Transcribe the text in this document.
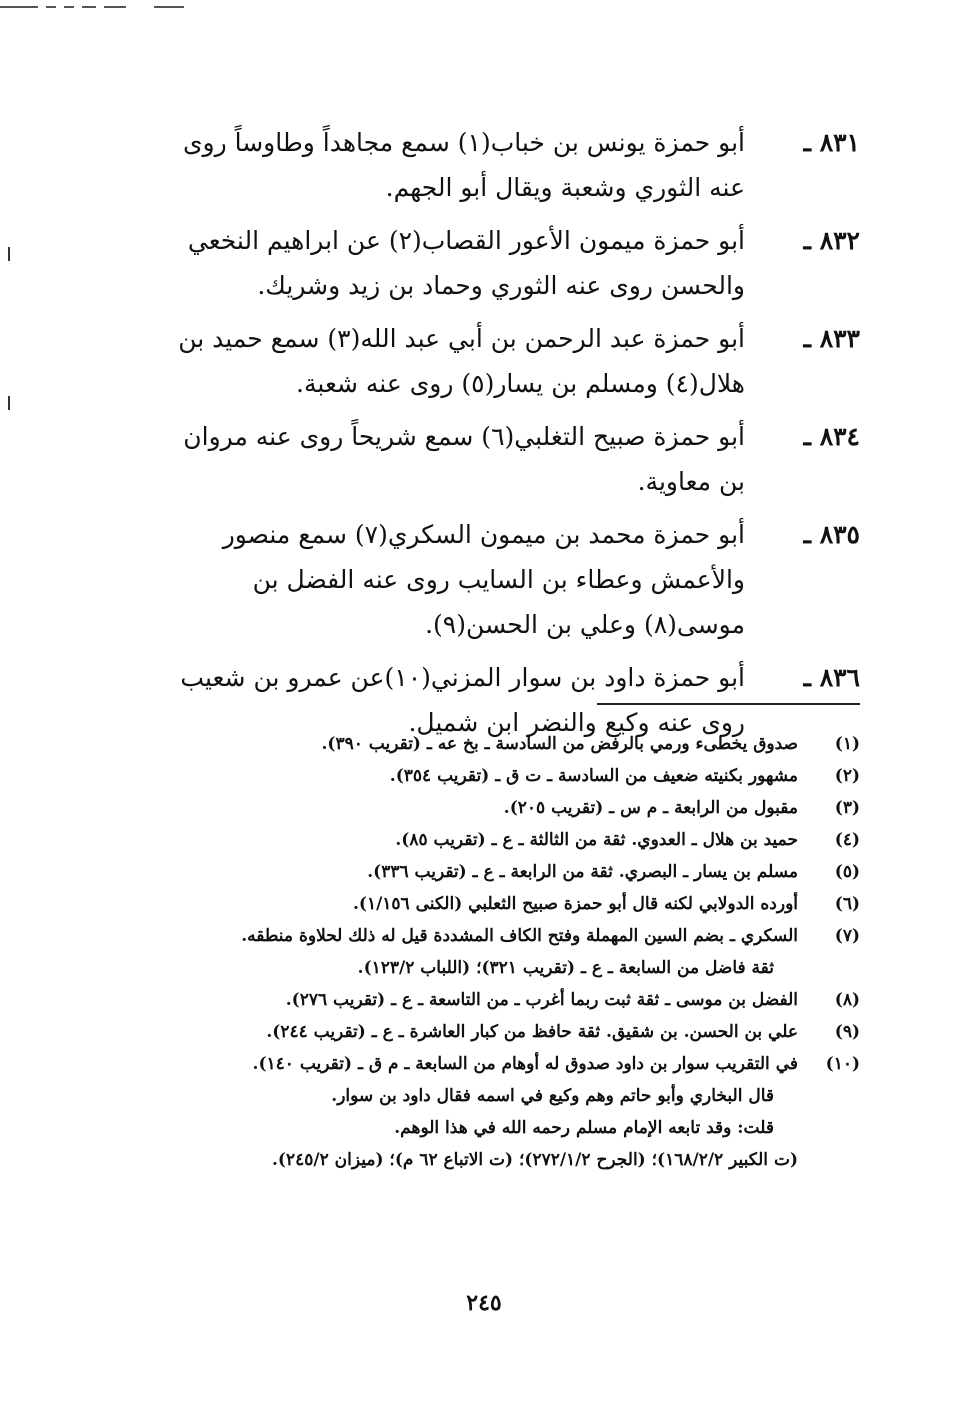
٨٣١ ـ
أبو حمزة يونس بن خباب(١) سمع مجاهداً وطاوساً روى عنه الثوري وشعبة ويقال أبو الجهم.
٨٣٢ ـ
أبو حمزة ميمون الأعور القصاب(٢) عن ابراهيم النخعي والحسن روى عنه الثوري وحماد بن زيد وشريك.
٨٣٣ ـ
أبو حمزة عبد الرحمن بن أبي عبد الله(٣) سمع حميد بن هلال(٤) ومسلم بن يسار(٥) روى عنه شعبة.
٨٣٤ ـ
أبو حمزة صبيح التغلبي(٦) سمع شريحاً روى عنه مروان بن معاوية.
٨٣٥ ـ
أبو حمزة محمد بن ميمون السكري(٧) سمع منصور والأعمش وعطاء بن السايب روى عنه الفضل بن موسى(٨) وعلي بن الحسن(٩).
٨٣٦ ـ
أبو حمزة داود بن سوار المزني(١٠)عن عمرو بن شعيب روى عنه وكيع والنضر ابن شميل.
(١)
صدوق يخطىء ورمي بالرفض من السادسة ـ بخ عه ـ (تقريب ٣٩٠).
(٢)
مشهور بكنيته ضعيف من السادسة ـ ت ق ـ (تقريب ٣٥٤).
(٣)
مقبول من الرابعة ـ م س ـ (تقريب ٢٠٥).
(٤)
حميد بن هلال ـ العدوي. ثقة من الثالثة ـ ع ـ (تقريب ٨٥).
(٥)
مسلم بن يسار ـ البصري. ثقة من الرابعة ـ ع ـ (تقريب ٣٣٦).
(٦)
أورده الدولابي لكنه قال أبو حمزة صبيح الثعلبي (الكنى ١/١٥٦).
(٧)
السكري ـ بضم السين المهملة وفتح الكاف المشددة قيل له ذلك لحلاوة منطقه.
ثقة فاضل من السابعة ـ ع ـ (تقريب ٣٢١)؛ (اللباب ١٢٣/٢).
(٨)
الفضل بن موسى ـ ثقة ثبت ربما أغرب ـ من التاسعة ـ ع ـ (تقريب ٢٧٦).
(٩)
علي بن الحسن. بن شقيق. ثقة حافظ من كبار العاشرة ـ ع ـ (تقريب ٢٤٤).
(١٠)
في التقريب سوار بن داود صدوق له أوهام من السابعة ـ م ق ـ (تقريب ١٤٠).
قال البخاري وأبو حاتم وهم وكيع في اسمه فقال داود بن سوار.
قلت: وقد تابعه الإمام مسلم رحمه الله في هذا الوهم.
(ت الكبير ١٦٨/٢/٢)؛ (الجرح ٢٧٢/١/٢)؛ (ت الاتباع ٦٢ م)؛ (ميزان ٢٤٥/٢).
٢٤٥
